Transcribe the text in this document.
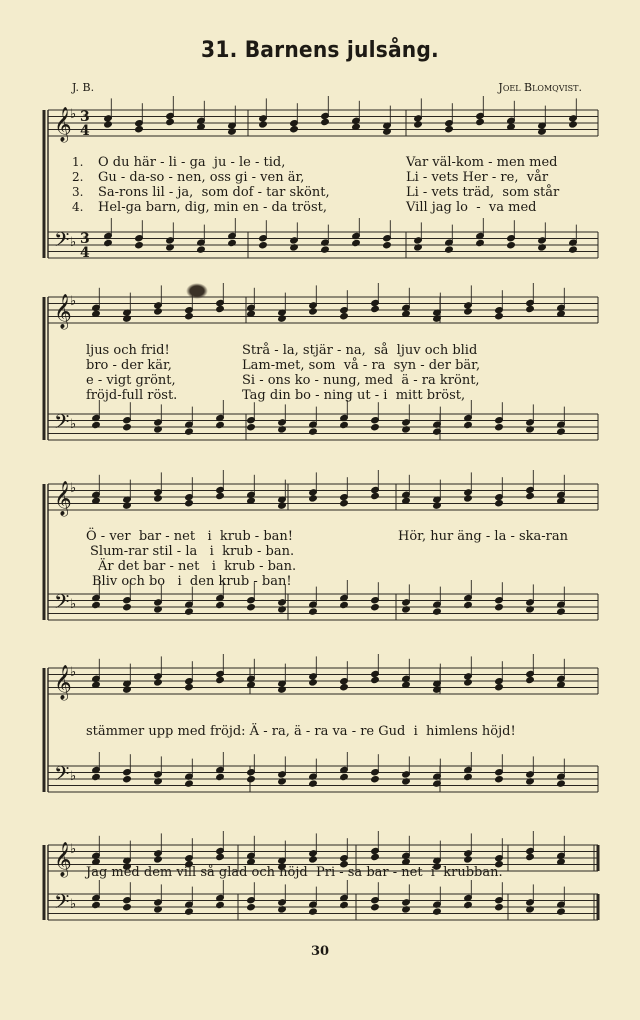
31. Barnens julsång.
J. B.	Joel Blomqvist.
𝄞
𝄢
♭
♭
𝄞
𝄢
♭
♭
𝄞
𝄢
♭
♭
𝄞
𝄢
♭
♭
𝄞
𝄢
♭
♭
3
4
3
4
1.
2.
3.
4.
O du här - li - ga  ju - le - tid,	Var väl-kom - men med
Gu - da-so - nen, oss gi - ven är,	Li - vets Her - re,  vår
Sa-rons lil - ja,  som dof - tar skönt,	Li - vets träd,  som står
Hel-ga barn, dig, min en - da tröst,	Vill jag lo  -  va med
ljus och frid!	Strå - la, stjär - na,  så  ljuv och blid
bro - der kär,	Lam-met, som  vå - ra  syn - der bär,
e - vigt grönt,	Si - ons ko - nung, med  ä - ra krönt,
fröjd-full röst.	Tag din bo - ning ut - i  mitt bröst,
Ö - ver  bar - net   i  krub - ban!	Hör, hur äng - la - ska-ran
Slum-rar stil - la   i  krub - ban.
Är det bar - net   i  krub - ban.
Bliv och bo   i  den krub - ban!
stämmer upp med fröjd: Ä - ra, ä - ra va - re Gud  i  himlens höjd!
Jag med dem vill så glad och nöjd  Pri - sa bar - net  i  krubban.
30
